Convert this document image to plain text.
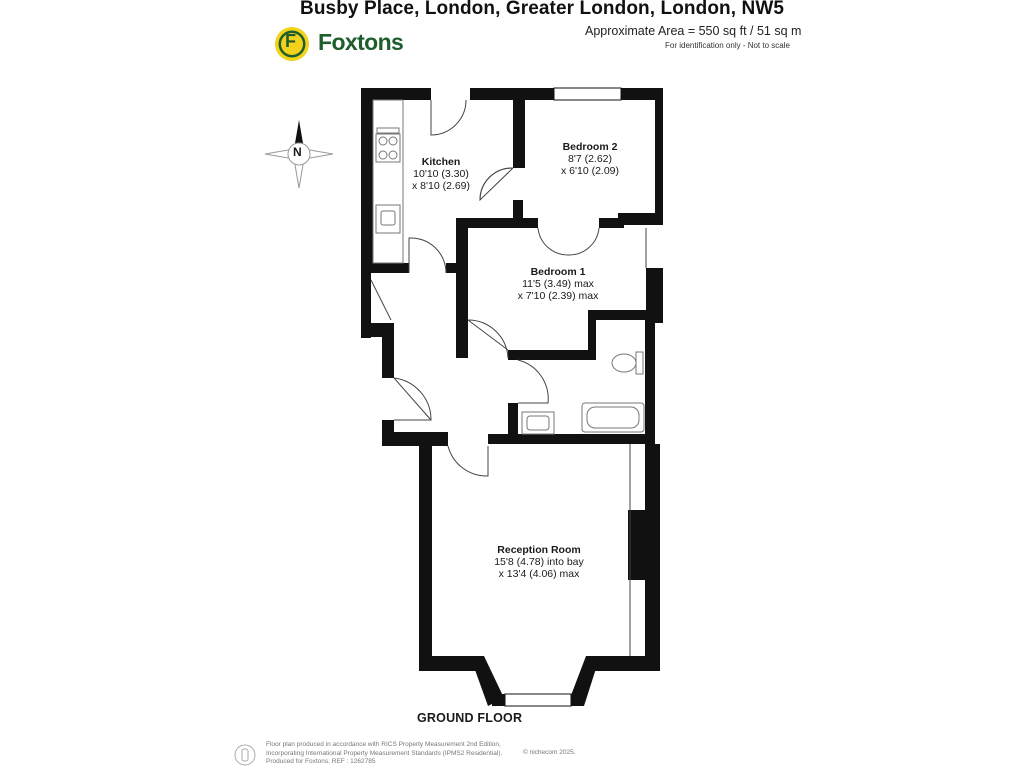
Busby Place, London, Greater London, London, NW5
Approximate Area = 550 sq ft / 51 sq m
For identification only - Not to scale
F Foxtons
N
Kitchen
10'10 (3.30)
x 8'10 (2.69)
Bedroom 2
8'7 (2.62)
x 6'10 (2.09)
Bedroom 1
11'5 (3.49) max
x 7'10 (2.39) max
Reception Room
15'8 (4.78) into bay
x 13'4 (4.06) max
GROUND FLOOR
Floor plan produced in accordance with RICS Property Measurement 2nd Edition,
Incorporating International Property Measurement Standards (IPMS2 Residential).
Produced for Foxtons. REF : 1262785
© nichecom 2025.
